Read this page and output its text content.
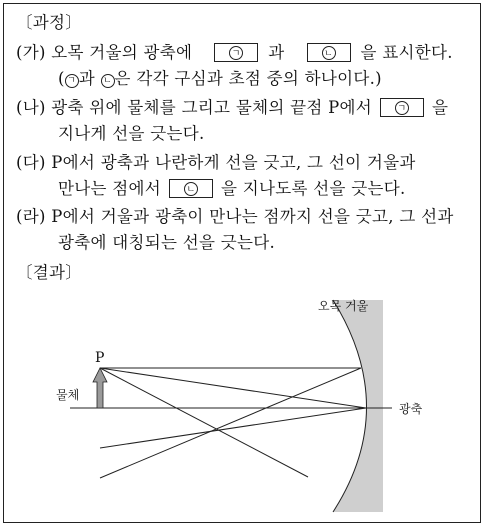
〔과정〕
(가) 오목 거울의 광축에	ㄱ 과	ㄴ 을 표시한다.
( ㄱ 과 ㄴ 은 각각 구심과 초점 중의 하나이다.)
(나) 광축 위에 물체를 그리고 물체의 끝점 P에서	ㄱ 을
지나게 선을 긋는다.
(다) P에서 광축과 나란하게 선을 긋고, 그 선이 거울과
만나는 점에서	ㄴ 을 지나도록 선을 긋는다.
(라) P에서 거울과 광축이 만나는 점까지 선을 긋고, 그 선과
광축에 대칭되는 선을 긋는다.
〔결과〕
오목 거울
물체
광축
P
